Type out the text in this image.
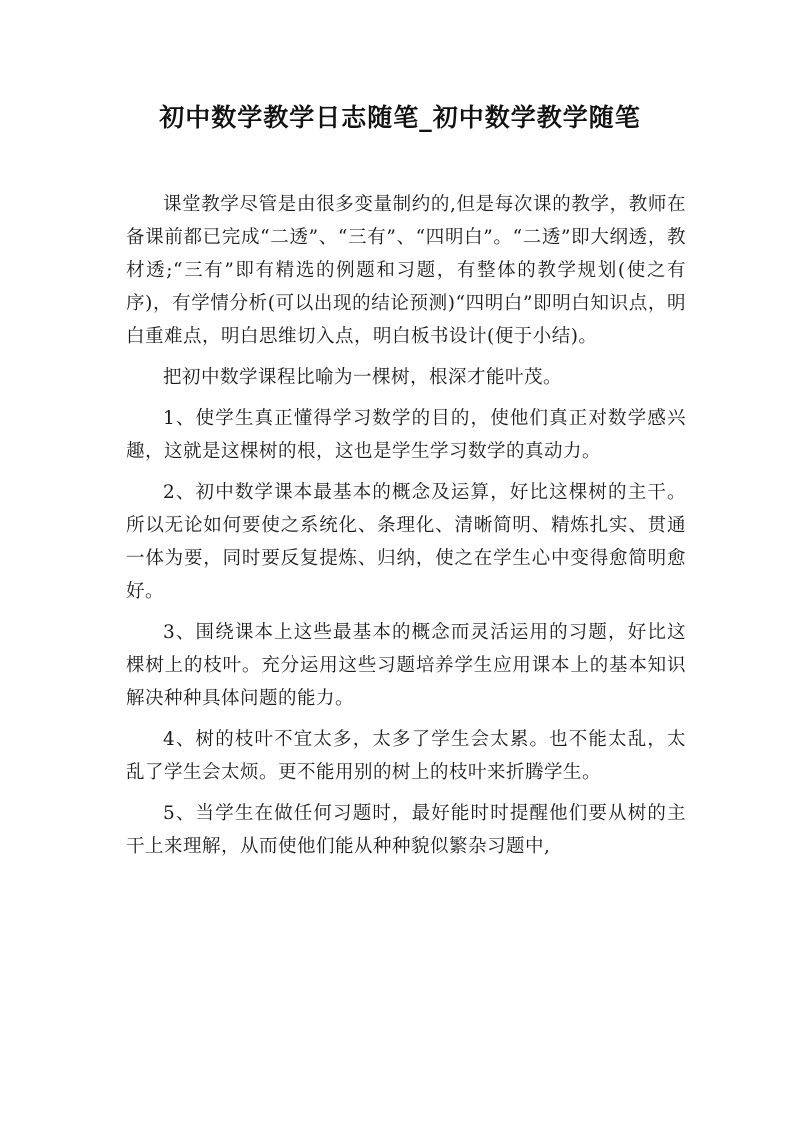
初中数学教学日志随笔_初中数学教学随笔

课堂教学尽管是由很多变量制约的,但是每次课的教学，教师在备课前都已完成“二透”、“三有”、“四明白”。“二透”即大纲透，教材透;“三有”即有精选的例题和习题，有整体的教学规划(使之有序)，有学情分析(可以出现的结论预测)“四明白”即明白知识点，明白重难点，明白思维切入点，明白板书设计(便于小结)。

把初中数学课程比喻为一棵树，根深才能叶茂。

1、使学生真正懂得学习数学的目的，使他们真正对数学感兴趣，这就是这棵树的根，这也是学生学习数学的真动力。

2、初中数学课本最基本的概念及运算，好比这棵树的主干。所以无论如何要使之系统化、条理化、清晰简明、精炼扎实、贯通一体为要，同时要反复提炼、归纳，使之在学生心中变得愈简明愈好。

3、围绕课本上这些最基本的概念而灵活运用的习题，好比这棵树上的枝叶。充分运用这些习题培养学生应用课本上的基本知识解决种种具体问题的能力。

4、树的枝叶不宜太多，太多了学生会太累。也不能太乱，太乱了学生会太烦。更不能用别的树上的枝叶来折腾学生。

5、当学生在做任何习题时，最好能时时提醒他们要从树的主干上来理解，从而使他们能从种种貌似繁杂习题中,
